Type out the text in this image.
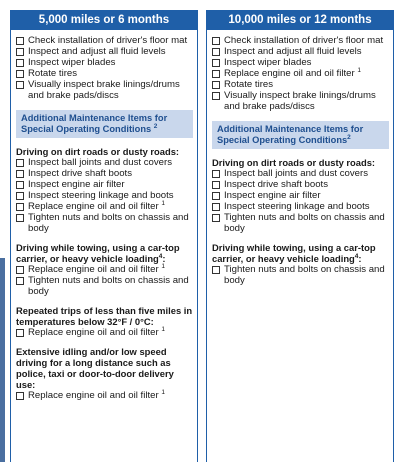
5,000 miles or 6 months
Check installation of driver's floor mat
Inspect and adjust all fluid levels
Inspect wiper blades
Rotate tires
Visually inspect brake linings/drums and brake pads/discs
Additional Maintenance Items for
Special Operating Conditions $^2$
Driving on dirt roads or dusty roads:
Inspect ball joints and dust covers
Inspect drive shaft boots
Inspect engine air filter
Inspect steering linkage and boots
Replace engine oil and oil filter $^1$
Tighten nuts and bolts on chassis and body
Driving while towing, using a car-top carrier, or heavy vehicle loading$^4$:
Replace engine oil and oil filter $^1$
Tighten nuts and bolts on chassis and body
Repeated trips of less than five miles in temperatures below 32°F / 0°C:
Replace engine oil and oil filter $^1$
Extensive idling and/or low speed driving for a long distance such as police, taxi or door-to-door delivery use:
Replace engine oil and oil filter $^1$
10,000 miles or 12 months
Check installation of driver's floor mat
Inspect and adjust all fluid levels
Inspect wiper blades
Replace engine oil and oil filter $^1$
Rotate tires
Visually inspect brake linings/drums and brake pads/discs
Additional Maintenance Items for
Special Operating Conditions$^2$
Driving on dirt roads or dusty roads:
Inspect ball joints and dust covers
Inspect drive shaft boots
Inspect engine air filter
Inspect steering linkage and boots
Tighten nuts and bolts on chassis and body
Driving while towing, using a car-top carrier, or heavy vehicle loading$^4$:
Tighten nuts and bolts on chassis and body
